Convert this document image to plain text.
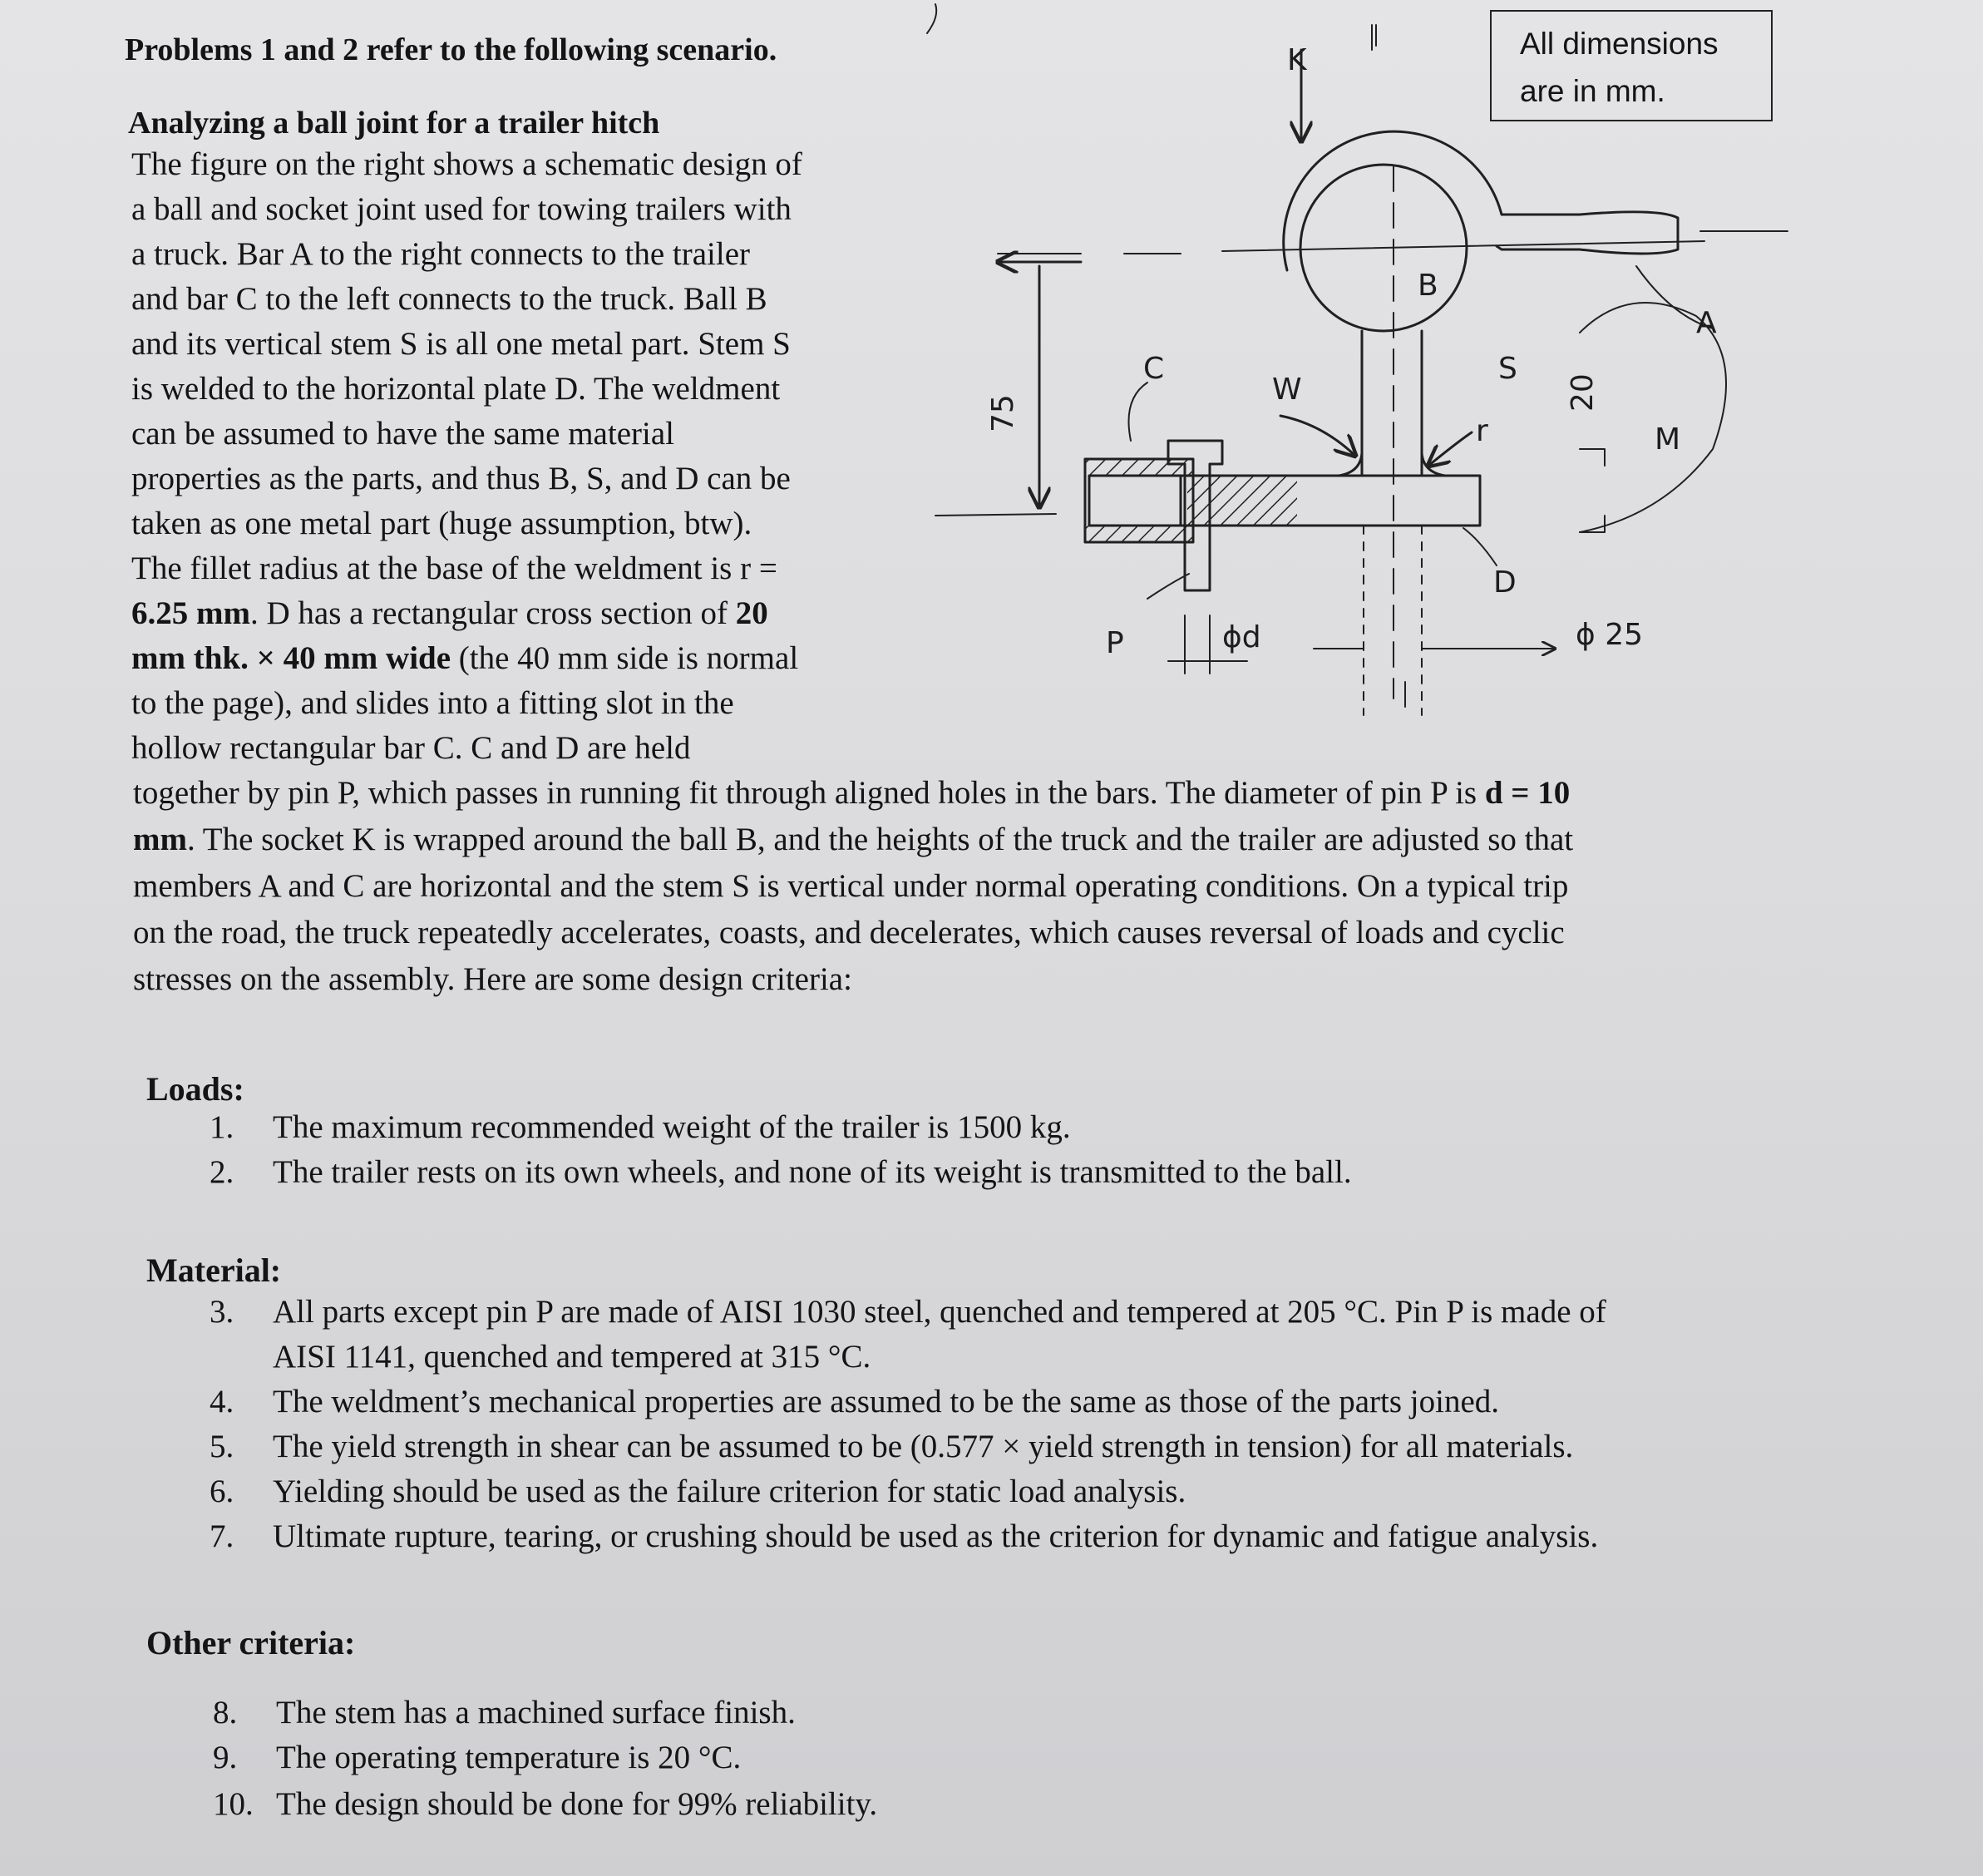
Problems 1 and 2 refer to the following scenario.
Analyzing a ball joint for a trailer hitch
The figure on the right shows a schematic design of
a ball and socket joint used for towing trailers with
a truck. Bar A to the right connects to the trailer
and bar C to the left connects to the truck. Ball B
and its vertical stem S is all one metal part. Stem S
is welded to the horizontal plate D. The weldment
can be assumed to have the same material
properties as the parts, and thus B, S, and D can be
taken as one metal part (huge assumption, btw).
The fillet radius at the base of the weldment is r =
6.25 mm. D has a rectangular cross section of 20
mm thk. × 40 mm wide (the 40 mm side is normal
to the page), and slides into a fitting slot in the
hollow rectangular bar C. C and D are held
together by pin P, which passes in running fit through aligned holes in the bars. The diameter of pin P is d = 10
mm. The socket K is wrapped around the ball B, and the heights of the truck and the trailer are adjusted so that
members A and C are horizontal and the stem S is vertical under normal operating conditions. On a typical trip
on the road, the truck repeatedly accelerates, coasts, and decelerates, which causes reversal of loads and cyclic
stresses on the assembly. Here are some design criteria:
Loads:
1. The maximum recommended weight of the trailer is 1500 kg.
2. The trailer rests on its own wheels, and none of its weight is transmitted to the ball.
Material:
3. All parts except pin P are made of AISI 1030 steel, quenched and tempered at 205 °C. Pin P is made of
AISI 1141, quenched and tempered at 315 °C.
4. The weldment’s mechanical properties are assumed to be the same as those of the parts joined.
5. The yield strength in shear can be assumed to be (0.577 × yield strength in tension) for all materials.
6. Yielding should be used as the failure criterion for static load analysis.
7. Ultimate rupture, tearing, or crushing should be used as the criterion for dynamic and fatigue analysis.
Other criteria:
8. The stem has a machined surface finish.
9. The operating temperature is 20 °C.
10. The design should be done for 99% reliability.
All dimensions
are in mm.
K
B
A
C
W
S
r
D
P	ϕ 25
ϕd
75
20
M
